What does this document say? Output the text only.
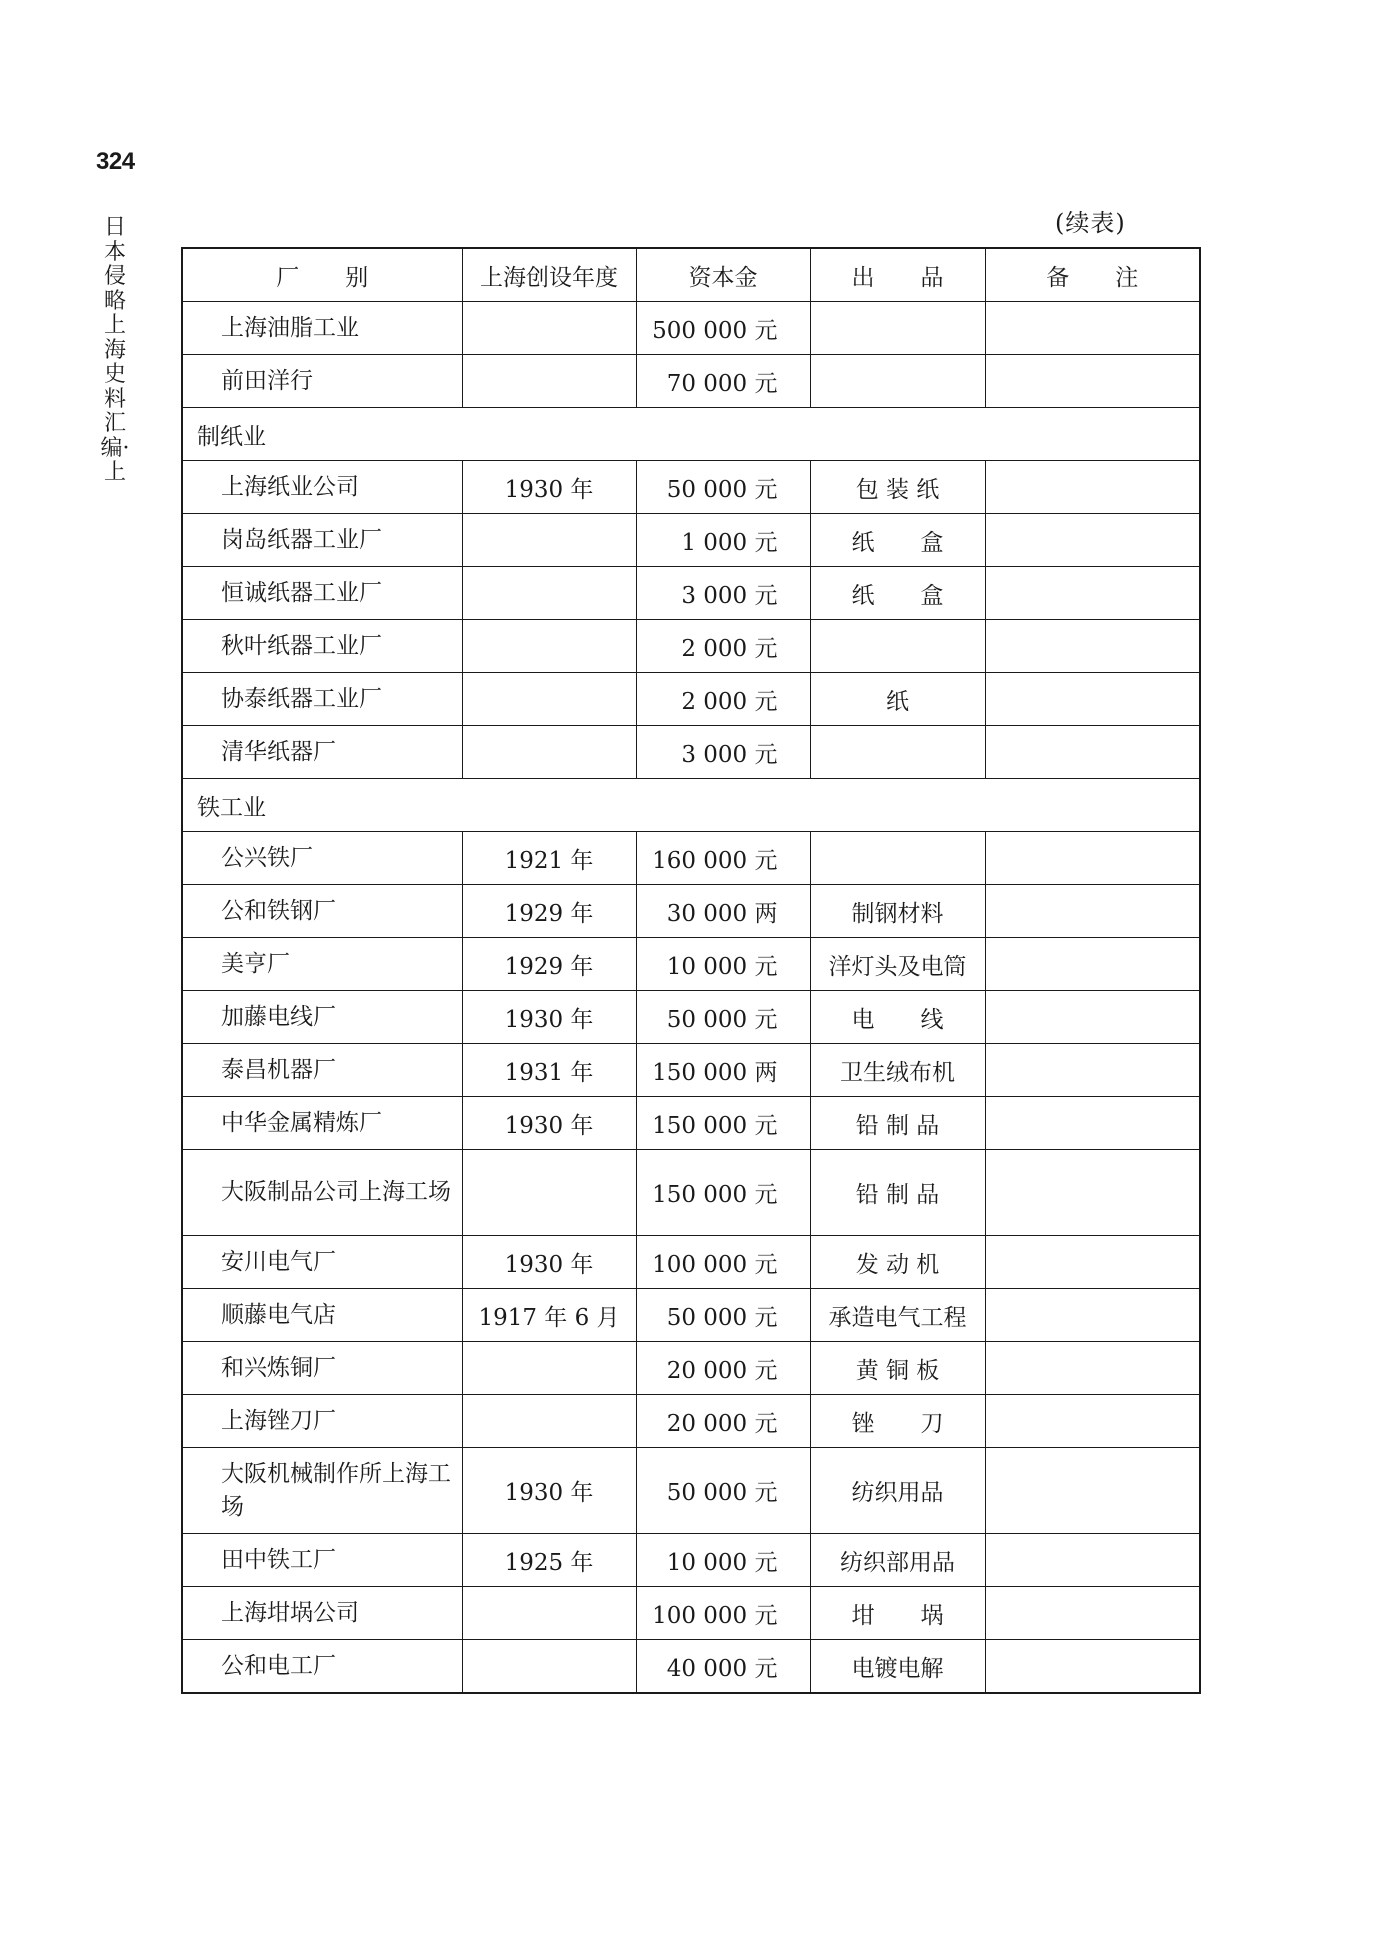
324
日本侵略上海史料汇编·上
(续表)
厂　　别	上海创设年度	资本金	出　　品	备　　注
上海油脂工业		500 000 元		
前田洋行		70 000 元		
制纸业				
上海纸业公司	1930 年	50 000 元	包 装 纸	
岗岛纸器工业厂		1 000 元	纸　　盒	
恒诚纸器工业厂		3 000 元	纸　　盒	
秋叶纸器工业厂		2 000 元		
协泰纸器工业厂		2 000 元	纸	
清华纸器厂		3 000 元		
铁工业				
公兴铁厂	1921 年	160 000 元		
公和铁钢厂	1929 年	30 000 两	制钢材料	
美亨厂	1929 年	10 000 元	洋灯头及电筒	
加藤电线厂	1930 年	50 000 元	电　　线	
泰昌机器厂	1931 年	150 000 两	卫生绒布机	
中华金属精炼厂	1930 年	150 000 元	铅 制 品	
大阪制品公司上海工场		150 000 元	铅 制 品	
安川电气厂	1930 年	100 000 元	发 动 机	
顺藤电气店	1917 年 6 月	50 000 元	承造电气工程	
和兴炼铜厂		20 000 元	黄 铜 板	
上海锉刀厂		20 000 元	锉　　刀	
大阪机械制作所上海工场	1930 年	50 000 元	纺织用品	
田中铁工厂	1925 年	10 000 元	纺织部用品	
上海坩埚公司		100 000 元	坩　　埚	
公和电工厂		40 000 元	电镀电解	
